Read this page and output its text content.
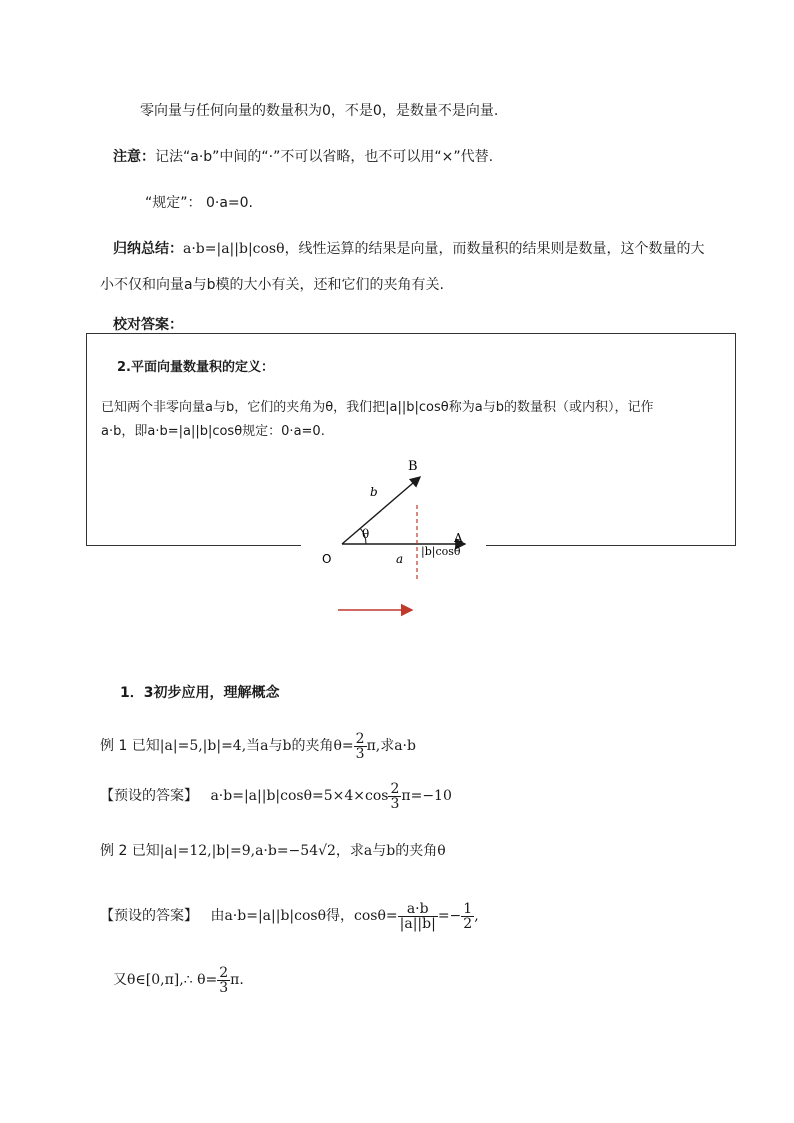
零向量与任何向量的数量积为0，不是0，是数量不是向量.
注意：记法“a·b”中间的“·”不可以省略，也不可以用“×”代替.
“规定”： 0·a=0.
归纳总结：a·b=|a||b|cosθ，线性运算的结果是向量，而数量积的结果则是数量，这个数量的大
小不仅和向量a与b模的大小有关，还和它们的夹角有关.
校对答案：
2.平面向量数量积的定义：
已知两个非零向量a与b，它们的夹角为θ，我们把|a||b|cosθ称为a与b的数量积（或内积），记作
a·b，即a·b=|a||b|cosθ规定：0·a=0.
B
b
θ
O
A
a
|b|cosθ
1．3初步应用，理解概念
例 1 已知|a|=5,|b|=4,当a与b的夹角$\theta= \frac{2}{3} \pi$,求a·b
【预设的答案】 $a\cdot b=|a||b|\cos\theta=5\times 4\times\cos \frac{2}{3} \pi=-10$
例 2 已知|a|=12,|b|=9,a·b=−54√2，求a与b的夹角θ
【预设的答案】 由a·b=|a||b|cosθ得，$\cos\theta= \frac{a\cdot b}{|a||b|} =- \frac{1}{2}$ ,
又θ∈[0,π],∴ $\theta= \frac{2}{3} \pi$.
